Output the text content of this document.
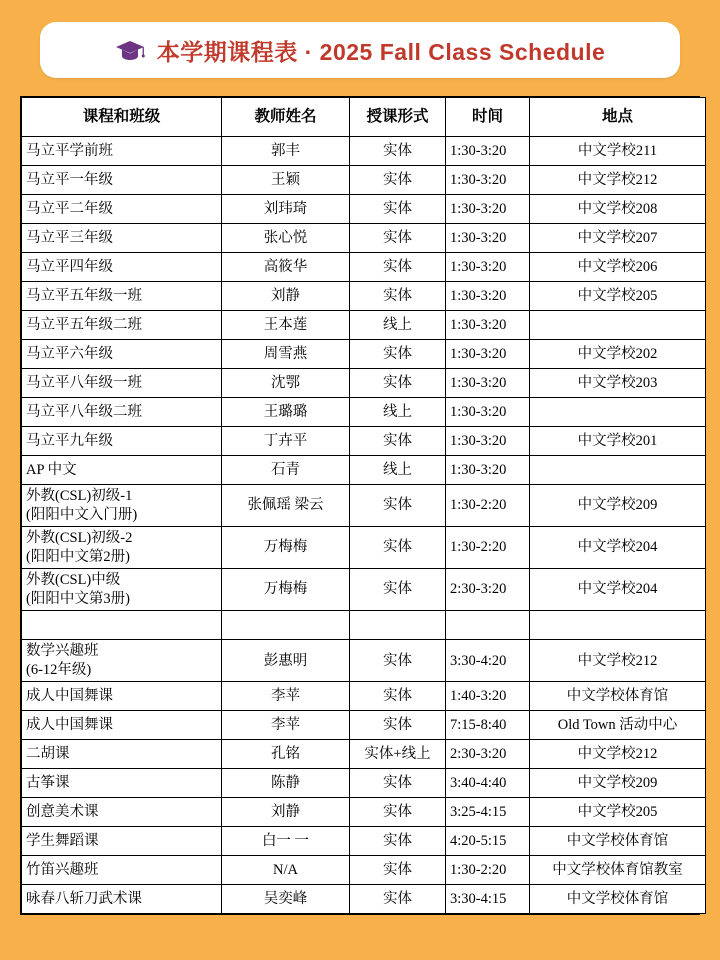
本学期课程表 · 2025 Fall Class Schedule
课程和班级	教师姓名	授课形式	时间	地点
马立平学前班	郭丰	实体	1:30-3:20	中文学校211
马立平一年级	王颖	实体	1:30-3:20	中文学校212
马立平二年级	刘玮琦	实体	1:30-3:20	中文学校208
马立平三年级	张心悦	实体	1:30-3:20	中文学校207
马立平四年级	高筱华	实体	1:30-3:20	中文学校206
马立平五年级一班	刘静	实体	1:30-3:20	中文学校205
马立平五年级二班	王本莲	线上	1:30-3:20	
马立平六年级	周雪燕	实体	1:30-3:20	中文学校202
马立平八年级一班	沈鄂	实体	1:30-3:20	中文学校203
马立平八年级二班	王璐璐	线上	1:30-3:20	
马立平九年级	丁卉平	实体	1:30-3:20	中文学校201
AP 中文	石青	线上	1:30-3:20	

外教(CSL)初级-1
(阳阳中文入门册)	张佩瑶 梁云	实体	1:30-2:20	中文学校209

外教(CSL)初级-2
(阳阳中文第2册)	万梅梅	实体	1:30-2:20	中文学校204

外教(CSL)中级
(阳阳中文第3册)	万梅梅	实体	2:30-3:20	中文学校204

数学兴趣班
(6-12年级)	彭惠明	实体	3:30-4:20	中文学校212
成人中国舞课	李苹	实体	1:40-3:20	中文学校体育馆
成人中国舞课	李苹	实体	7:15-8:40	Old Town 活动中心
二胡课	孔铭	实体+线上	2:30-3:20	中文学校212
古筝课	陈静	实体	3:40-4:40	中文学校209
创意美术课	刘静	实体	3:25-4:15	中文学校205
学生舞蹈课	白一 一	实体	4:20-5:15	中文学校体育馆
竹笛兴趣班	N/A	实体	1:30-2:20	中文学校体育馆教室
咏春八斩刀武术课	吴奕峰	实体	3:30-4:15	中文学校体育馆
